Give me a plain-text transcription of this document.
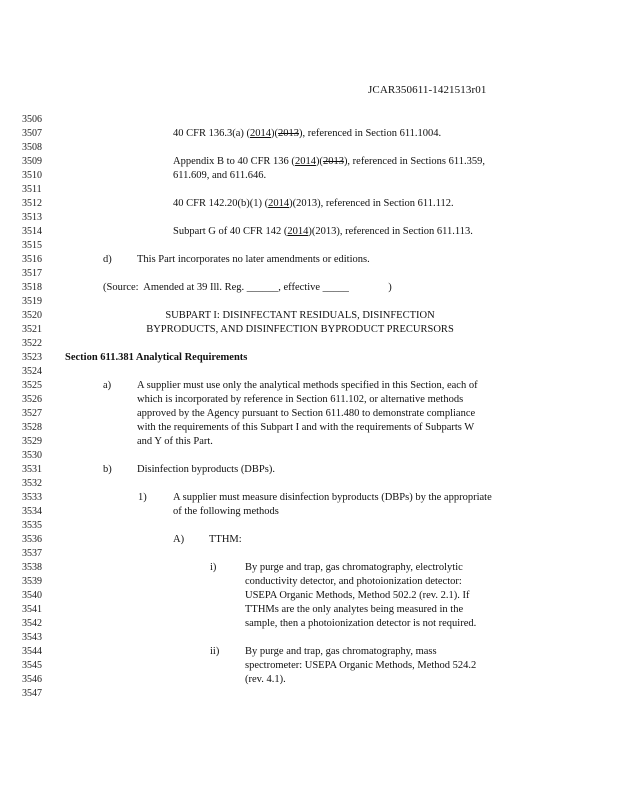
JCAR350611-1421513r01
3506
3507
3508
3509
3510
3511
3512
3513
3514
3515
3516
3517
3518
3519
3520
3521
3522
3523
3524
3525
3526
3527
3528
3529
3530
3531
3532
3533
3534
3535
3536
3537
3538
3539
3540
3541
3542
3543
3544
3545
3546
3547
40 CFR 136.3(a) (2014)(2013), referenced in Section 611.1004.
Appendix B to 40 CFR 136 (2014)(2013), referenced in Sections 611.359,
611.609, and 611.646.
40 CFR 142.20(b)(1) (2014)(2013), referenced in Section 611.112.
Subpart G of 40 CFR 142 (2014)(2013), referenced in Section 611.113.
d) This Part incorporates no later amendments or editions.
(Source:  Amended at 39 Ill. Reg. ______, effective _____               )
SUBPART I: DISINFECTANT RESIDUALS, DISINFECTION
BYPRODUCTS, AND DISINFECTION BYPRODUCT PRECURSORS
Section 611.381 Analytical Requirements
a) A supplier must use only the analytical methods specified in this Section, each of
which is incorporated by reference in Section 611.102, or alternative methods
approved by the Agency pursuant to Section 611.480 to demonstrate compliance
with the requirements of this Subpart I and with the requirements of Subparts W
and Y of this Part.
b) Disinfection byproducts (DBPs).
1)	A supplier must measure disinfection byproducts (DBPs) by the appropriate
of the following methods
A) TTHM:
i)	By purge and trap, gas chromatography, electrolytic
conductivity detector, and photoionization detector:
USEPA Organic Methods, Method 502.2 (rev. 2.1). If
TTHMs are the only analytes being measured in the
sample, then a photoionization detector is not required.
ii) By purge and trap, gas chromatography, mass
spectrometer: USEPA Organic Methods, Method 524.2
(rev. 4.1).
